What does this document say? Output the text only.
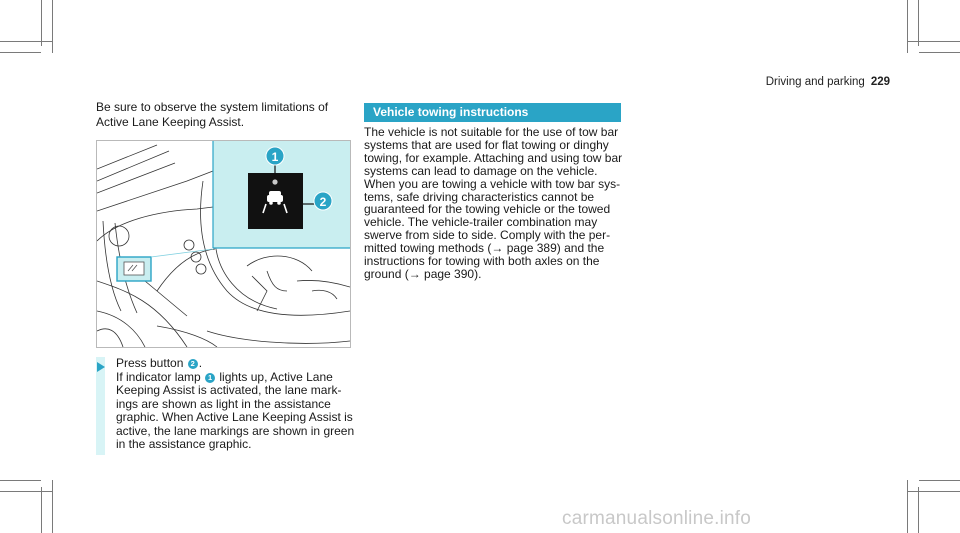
Driving and parking 229
Be sure to observe the system limitations of
Active Lane Keeping Assist.
1
2
Press button 2 .
If indicator lamp 1 lights up, Active Lane
Keeping Assist is activated, the lane mark-
ings are shown as light in the assistance
graphic. When Active Lane Keeping Assist is
active, the lane markings are shown in green
in the assistance graphic.
Vehicle towing instructions
The vehicle is not suitable for the use of tow bar
systems that are used for flat towing or dinghy
towing, for example. Attaching and using tow bar
systems can lead to damage on the vehicle.
When you are towing a vehicle with tow bar sys-
tems, safe driving characteristics cannot be
guaranteed for the towing vehicle or the towed
vehicle. The vehicle-trailer combination may
swerve from side to side. Comply with the per-
mitted towing methods (→ page 389) and the
instructions for towing with both axles on the
ground (→ page 390).
carmanualsonline.info
